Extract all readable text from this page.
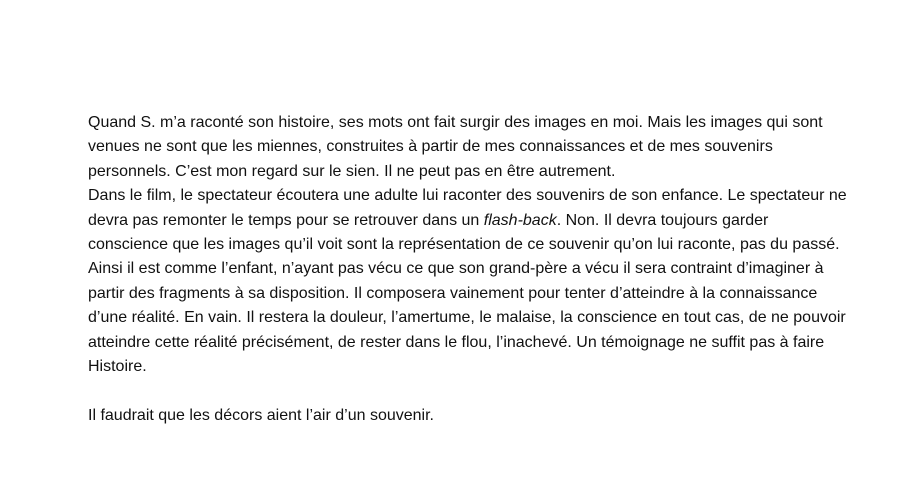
Quand S. m’a raconté son histoire, ses mots ont fait surgir des images en moi. Mais les images qui sont venues ne sont que les miennes, construites à partir de mes connaissances et de mes souvenirs personnels. C’est mon regard sur le sien. Il ne peut pas en être autrement.

Dans le film, le spectateur écoutera une adulte lui raconter des souvenirs de son enfance. Le spectateur ne devra pas remonter le temps pour se retrouver dans un flash-back. Non. Il devra toujours garder conscience que les images qu’il voit sont la représentation de ce souvenir qu’on lui raconte, pas du passé. Ainsi il est comme l’enfant, n’ayant pas vécu ce que son grand-père a vécu il sera contraint d’imaginer à partir des fragments à sa disposition. Il composera vainement pour tenter d’atteindre à la connaissance d’une réalité. En vain. Il restera la douleur, l’amertume, le malaise, la conscience en tout cas, de ne pouvoir atteindre cette réalité précisément, de rester dans le flou, l’inachevé. Un témoignage ne suffit pas à faire Histoire.

Il faudrait que les décors aient l’air d’un souvenir.
